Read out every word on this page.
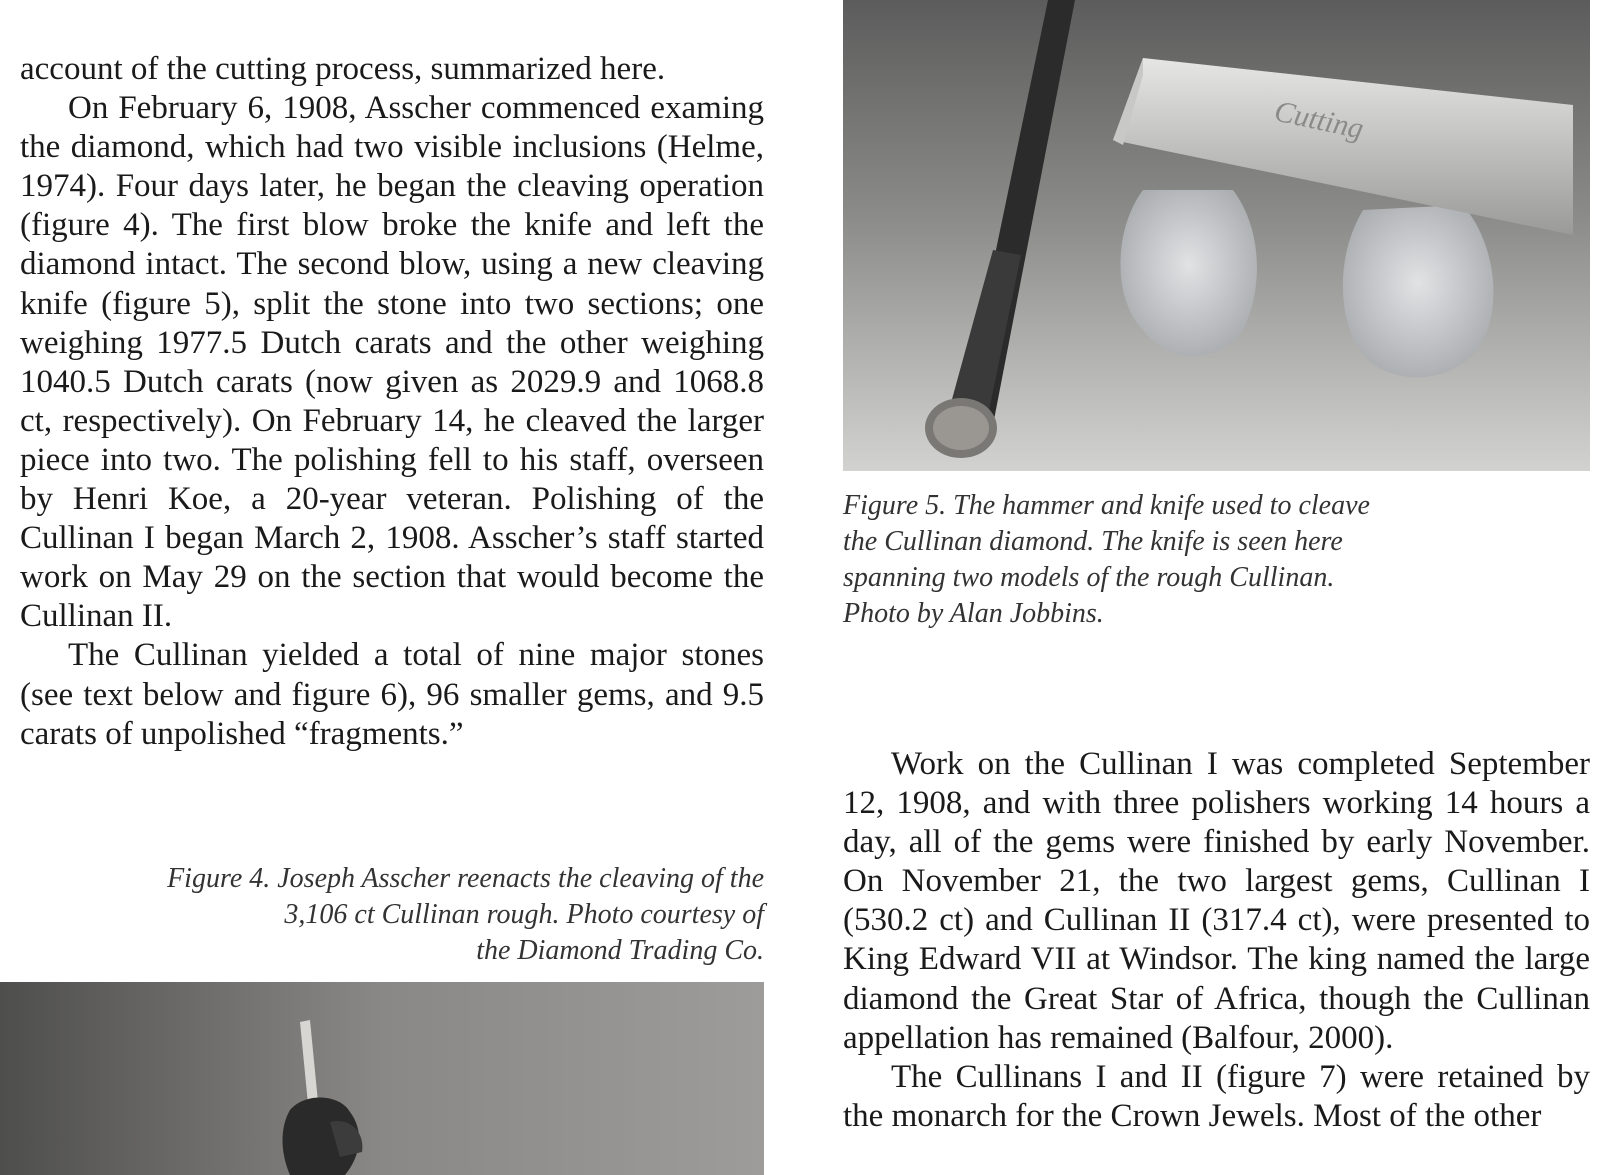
Cutting
Figure 5. The hammer and knife used to cleave
the Cullinan diamond. The knife is seen here
spanning two models of the rough Cullinan.
Photo by Alan Jobbins.

account of the cutting process, summarized here.

On February 6, 1908, Asscher commenced examing the diamond, which had two visible inclusions (Helme, 1974). Four days later, he began the cleaving operation (figure 4). The first blow broke the knife and left the diamond intact. The second blow, using a new cleaving knife (figure 5), split the stone into two sections; one weighing 1977.5 Dutch carats and the other weighing 1040.5 Dutch carats (now given as 2029.9 and 1068.8 ct, respectively). On February 14, he cleaved the larger piece into two. The polishing fell to his staff, overseen by Henri Koe, a 20-year veteran. Polishing of the Cullinan I began March 2, 1908. Asscher’s staff started work on May 29 on the section that would become the Cullinan II.

The Cullinan yielded a total of nine major stones (see text below and figure 6), 96 smaller gems, and 9.5 carats of unpolished “fragments.”

Figure 4. Joseph Asscher reenacts the cleaving of the
3,106 ct Cullinan rough. Photo courtesy of
the Diamond Trading Co.

Work on the Cullinan I was completed September 12, 1908, and with three polishers working 14 hours a day, all of the gems were finished by early November. On November 21, the two largest gems, Cullinan I (530.2 ct) and Cullinan II (317.4 ct), were presented to King Edward VII at Windsor. The king named the large diamond the Great Star of Africa, though the Cullinan appellation has remained (Balfour, 2000).

The Cullinans I and II (figure 7) were retained by the monarch for the Crown Jewels. Most of the other
